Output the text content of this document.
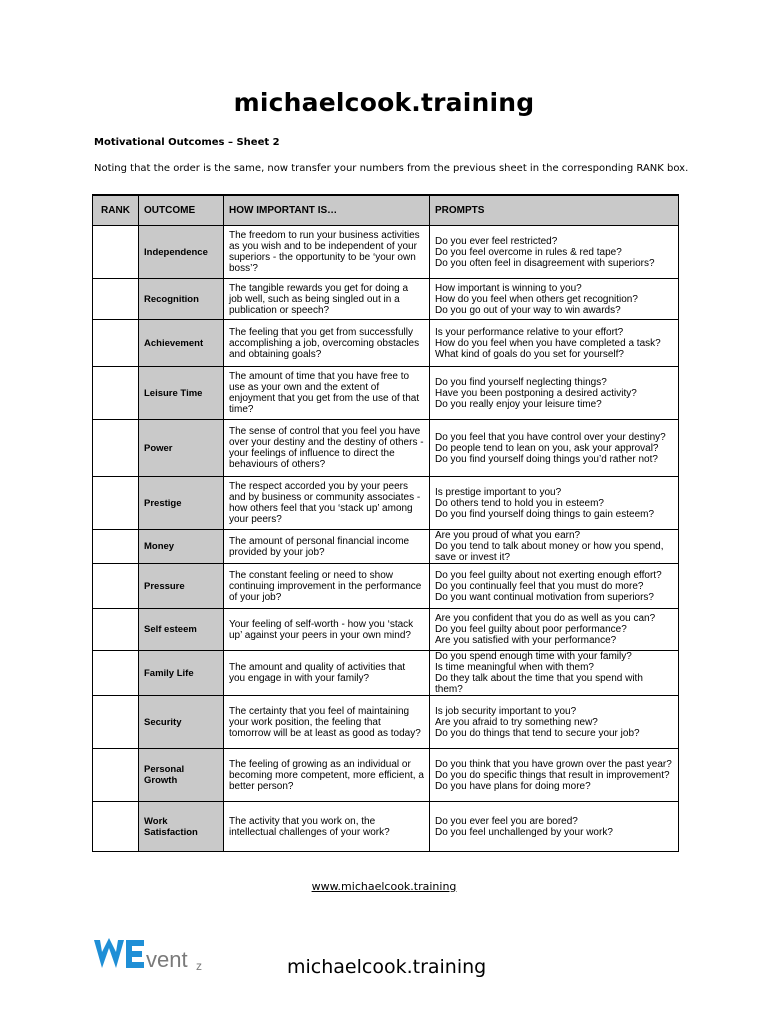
michaelcook.training
Motivational Outcomes – Sheet 2
Noting that the order is the same, now transfer your numbers from the previous sheet in the corresponding RANK box.
RANK	OUTCOME	HOW IMPORTANT IS…	PROMPTS
	Independence	The freedom to run your business activities as you wish and to be independent of your superiors - the opportunity to be ‘your own boss’?	Do you ever feel restricted?
Do you feel overcome in rules & red tape?
Do you often feel in disagreement with superiors?

	Recognition	The tangible rewards you get for doing a job well, such as being singled out in a publication or speech?	How important is winning to you?
How do you feel when others get recognition?
Do you go out of your way to win awards?

	Achievement	The feeling that you get from successfully accomplishing a job, overcoming obstacles and obtaining goals?	Is your performance relative to your effort?
How do you feel when you have completed a task?
What kind of goals do you set for yourself?

	Leisure Time	The amount of time that you have free to use as your own and the extent of enjoyment that you get from the use of that time?	Do you find yourself neglecting things?
Have you been postponing a desired activity?
Do you really enjoy your leisure time?

	Power	The sense of control that you feel you have over your destiny and the destiny of others - your feelings of influence to direct the behaviours of others?	Do you feel that you have control over your destiny?
Do people tend to lean on you, ask your approval?
Do you find yourself doing things you’d rather not?

	Prestige	The respect accorded you by your peers and by business or community associates - how others feel that you ‘stack up’ among your peers?	Is prestige important to you?
Do others tend to hold you in esteem?
Do you find yourself doing things to gain esteem?

	Money	The amount of personal financial income provided by your job?	Are you proud of what you earn?
Do you tend to talk about money or how you spend, save or invest it?

	Pressure	The constant feeling or need to show continuing improvement in the performance of your job?	Do you feel guilty about not exerting enough effort?
Do you continually feel that you must do more?
Do you want continual motivation from superiors?

	Self esteem	Your feeling of self-worth - how you ‘stack up’ against your peers in your own mind?	Are you confident that you do as well as you can?
Do you feel guilty about poor performance?
Are you satisfied with your performance?

	Family Life	The amount and quality of activities that you engage in with your family?	Do you spend enough time with your family?
Is time meaningful when with them?
Do they talk about the time that you spend with them?

	Security	The certainty that you feel of maintaining your work position, the feeling that tomorrow will be at least as good as today?	Is job security important to you?
Are you afraid to try something new?
Do you do things that tend to secure your job?

	Personal Growth	The feeling of growing as an individual or becoming more competent, more efficient, a better person?	Do you think that you have grown over the past year?
Do you do specific things that result in improvement?
Do you have plans for doing more?

	Work Satisfaction	The activity that you work on, the intellectual challenges of your work?	Do you ever feel you are bored?
Do you feel unchallenged by your work?
www.michaelcook.training
vent z	michaelcook.training
